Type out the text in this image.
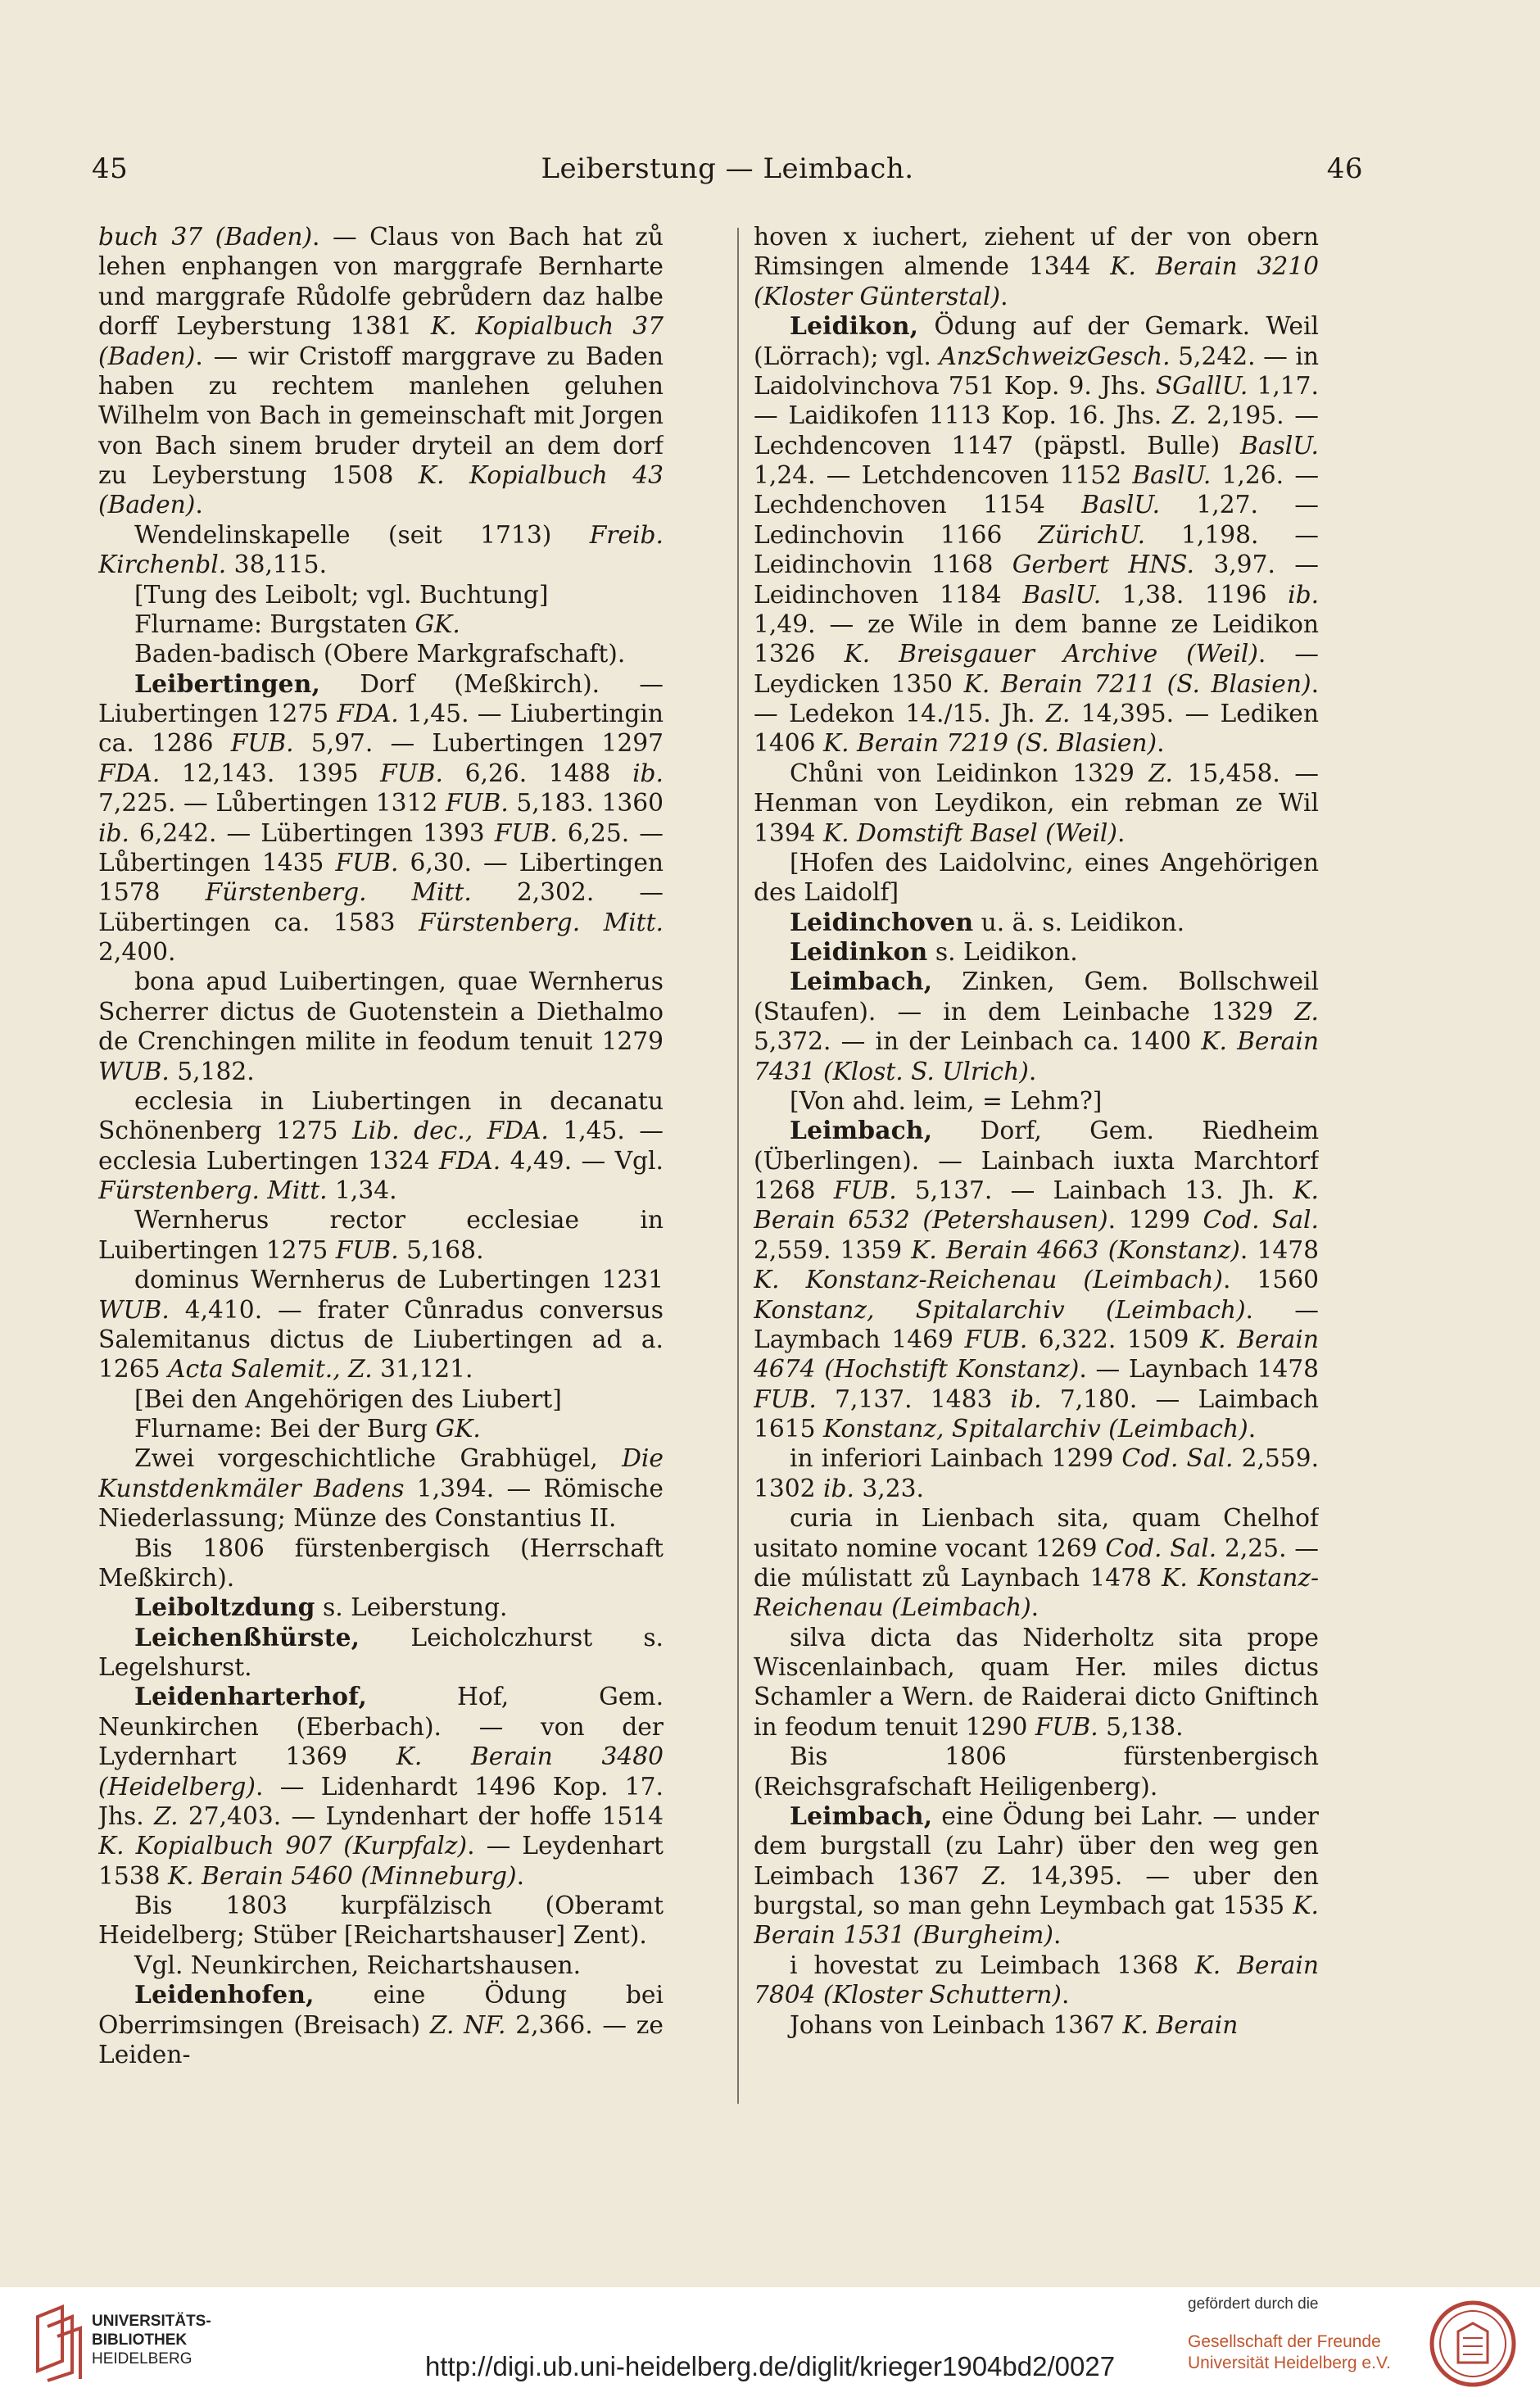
45	Leiberstung — Leimbach.	46

buch 37 (Baden). — Claus von Bach hat zů lehen enphangen von marggrafe Bernharte und marggrafe Růdolfe gebrůdern daz halbe dorff Leyberstung 1381 K. Kopialbuch 37 (Baden). — wir Cristoff marggrave zu Baden haben zu rechtem manlehen geluhen Wilhelm von Bach in gemeinschaft mit Jorgen von Bach sinem bruder dryteil an dem dorf zu Leyberstung 1508 K. Kopialbuch 43 (Baden).

Wendelinskapelle (seit 1713) Freib. Kirchenbl. 38,115.

[Tung des Leibolt; vgl. Buchtung]

Flurname: Burgstaten GK.

Baden-badisch (Obere Markgrafschaft).

Leibertingen, Dorf (Meßkirch). — Liubertingen 1275 FDA. 1,45. — Liubertingin ca. 1286 FUB. 5,97. — Lubertingen 1297 FDA. 12,143. 1395 FUB. 6,26. 1488 ib. 7,225. — Lůbertingen 1312 FUB. 5,183. 1360 ib. 6,242. — Lübertingen 1393 FUB. 6,25. — Lůbertingen 1435 FUB. 6,30. — Libertingen 1578 Fürstenberg. Mitt. 2,302. — Lübertingen ca. 1583 Fürstenberg. Mitt. 2,400.

bona apud Luibertingen, quae Wernherus Scherrer dictus de Guotenstein a Diethalmo de Crenchingen milite in feodum tenuit 1279 WUB. 5,182.

ecclesia in Liubertingen in decanatu Schönenberg 1275 Lib. dec., FDA. 1,45. — ecclesia Lubertingen 1324 FDA. 4,49. — Vgl. Fürstenberg. Mitt. 1,34.

Wernherus rector ecclesiae in Luibertingen 1275 FUB. 5,168.

dominus Wernherus de Lubertingen 1231 WUB. 4,410. — frater Cůnradus conversus Salemitanus dictus de Liubertingen ad a. 1265 Acta Salemit., Z. 31,121.

[Bei den Angehörigen des Liubert]

Flurname: Bei der Burg GK.

Zwei vorgeschichtliche Grabhügel, Die Kunstdenkmäler Badens 1,394. — Römische Niederlassung; Münze des Constantius II.

Bis 1806 fürstenbergisch (Herrschaft Meßkirch).

Leiboltzdung s. Leiberstung.

Leichenßhürste, Leicholczhurst s. Legelshurst.

Leidenharterhof, Hof, Gem. Neunkirchen (Eberbach). — von der Lydernhart 1369 K. Berain 3480 (Heidelberg). — Lidenhardt 1496 Kop. 17. Jhs. Z. 27,403. — Lyndenhart der hoffe 1514 K. Kopialbuch 907 (Kurpfalz). — Leydenhart 1538 K. Berain 5460 (Minneburg).

Bis 1803 kurpfälzisch (Oberamt Heidelberg; Stüber [Reichartshauser] Zent).

Vgl. Neunkirchen, Reichartshausen.

Leidenhofen, eine Ödung bei Oberrimsingen (Breisach) Z. NF. 2,366. — ze Leiden-

hoven x iuchert, ziehent uf der von obern Rimsingen almende 1344 K. Berain 3210 (Kloster Günterstal).

Leidikon, Ödung auf der Gemark. Weil (Lörrach); vgl. AnzSchweizGesch. 5,242. — in Laidolvinchova 751 Kop. 9. Jhs. SGallU. 1,17. — Laidikofen 1113 Kop. 16. Jhs. Z. 2,195. — Lechdencoven 1147 (päpstl. Bulle) BaslU. 1,24. — Letchdencoven 1152 BaslU. 1,26. — Lechdenchoven 1154 BaslU. 1,27. — Ledinchovin 1166 ZürichU. 1,198. — Leidinchovin 1168 Gerbert HNS. 3,97. — Leidinchoven 1184 BaslU. 1,38. 1196 ib. 1,49. — ze Wile in dem banne ze Leidikon 1326 K. Breisgauer Archive (Weil). — Leydicken 1350 K. Berain 7211 (S. Blasien). — Ledekon 14./15. Jh. Z. 14,395. — Lediken 1406 K. Berain 7219 (S. Blasien).

Chůni von Leidinkon 1329 Z. 15,458. — Henman von Leydikon, ein rebman ze Wil 1394 K. Domstift Basel (Weil).

[Hofen des Laidolvinc, eines Angehörigen des Laidolf]

Leidinchoven u. ä. s. Leidikon.

Leidinkon s. Leidikon.

Leimbach, Zinken, Gem. Bollschweil (Staufen). — in dem Leinbache 1329 Z. 5,372. — in der Leinbach ca. 1400 K. Berain 7431 (Klost. S. Ulrich).

[Von ahd. leim, = Lehm?]

Leimbach, Dorf, Gem. Riedheim (Überlingen). — Lainbach iuxta Marchtorf 1268 FUB. 5,137. — Lainbach 13. Jh. K. Berain 6532 (Petershausen). 1299 Cod. Sal. 2,559. 1359 K. Berain 4663 (Konstanz). 1478 K. Konstanz-Reichenau (Leimbach). 1560 Konstanz, Spitalarchiv (Leimbach). — Laymbach 1469 FUB. 6,322. 1509 K. Berain 4674 (Hochstift Konstanz). — Laynbach 1478 FUB. 7,137. 1483 ib. 7,180. — Laimbach 1615 Konstanz, Spitalarchiv (Leimbach).

in inferiori Lainbach 1299 Cod. Sal. 2,559. 1302 ib. 3,23.

curia in Lienbach sita, quam Chelhof usitato nomine vocant 1269 Cod. Sal. 2,25. — die múlistatt zů Laynbach 1478 K. Konstanz-Reichenau (Leimbach).

silva dicta das Niderholtz sita prope Wiscenlainbach, quam Her. miles dictus Schamler a Wern. de Raiderai dicto Gniftinch in feodum tenuit 1290 FUB. 5,138.

Bis 1806 fürstenbergisch (Reichsgrafschaft Heiligenberg).

Leimbach, eine Ödung bei Lahr. — under dem burgstall (zu Lahr) über den weg gen Leimbach 1367 Z. 14,395. — uber den burgstal, so man gehn Leymbach gat 1535 K. Berain 1531 (Burgheim).

i hovestat zu Leimbach 1368 K. Berain 7804 (Kloster Schuttern).

Johans von Leinbach 1367 K. Berain

UNIVERSITÄTS-
BIBLIOTHEK
HEIDELBERG	http://digi.ub.uni-heidelberg.de/diglit/krieger1904bd2/0027
gefördert durch die
Gesellschaft der Freunde
Universität Heidelberg e.V.
